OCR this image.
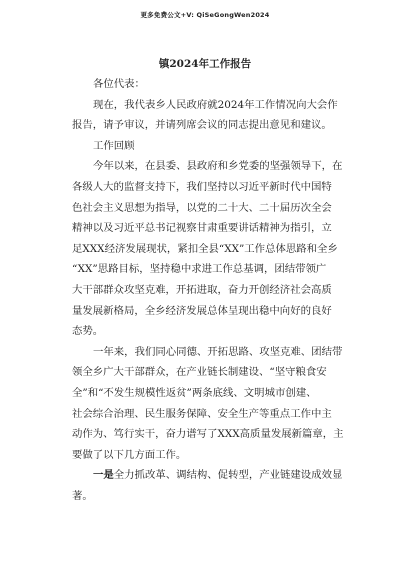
更多免费公文+V: QiSeGongWen2024
镇2024年工作报告
各位代表：
现在，我代表乡人民政府就2024年工作情况向大会作
报告，请予审议，并请列席会议的同志提出意见和建议。
工作回顾
今年以来，在县委、县政府和乡党委的坚强领导下，在
各级人大的监督支持下，我们坚持以习近平新时代中国特
色社会主义思想为指导，以党的二十大、二十届历次全会
精神以及习近平总书记视察甘肃重要讲话精神为指引，立
足XXX经济发展现状，紧扣全县“XX”工作总体思路和全乡
“XX”思路目标，坚持稳中求进工作总基调，团结带领广
大干部群众攻坚克难，开拓进取，奋力开创经济社会高质
量发展新格局，全乡经济发展总体呈现出稳中向好的良好
态势。
一年来，我们同心同德、开拓思路、攻坚克难、团结带
领全乡广大干部群众，在产业链长制建设、“坚守粮食安
全”和“不发生规模性返贫”两条底线、文明城市创建、
社会综合治理、民生服务保障、安全生产等重点工作中主
动作为、笃行实干，奋力谱写了XXX高质量发展新篇章，主
要做了以下几方面工作。
一是全力抓改革、调结构、促转型，产业链建设成效显
著。
